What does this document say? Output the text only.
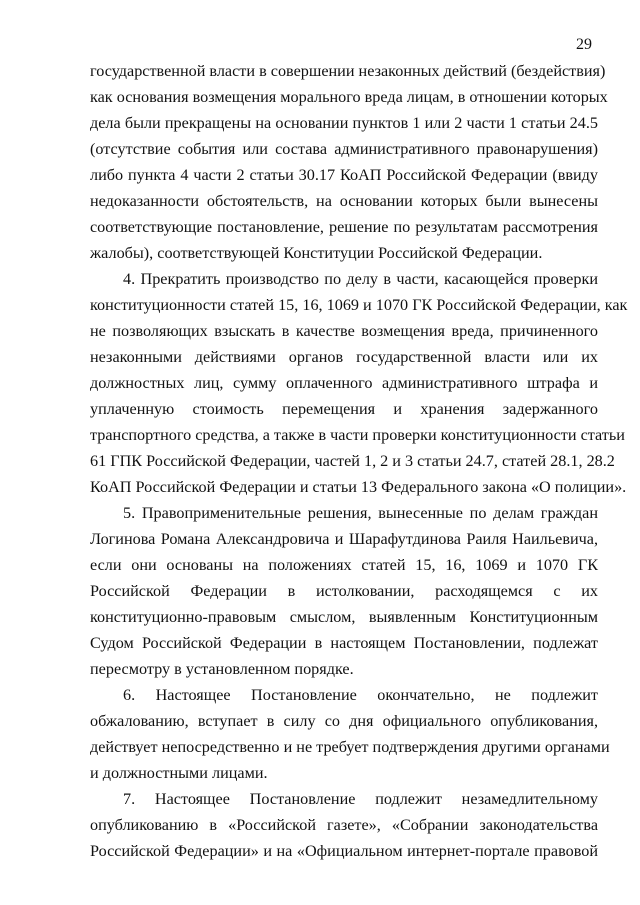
29
государственной власти в совершении незаконных действий (бездействия)
как основания возмещения морального вреда лицам, в отношении которых
дела были прекращены на основании пунктов 1 или 2 части 1 статьи 24.5
(отсутствие события или состава административного правонарушения)
либо пункта 4 части 2 статьи 30.17 КоАП Российской Федерации (ввиду
недоказанности обстоятельств, на основании которых были вынесены
соответствующие постановление, решение по результатам рассмотрения
жалобы), соответствующей Конституции Российской Федерации.
4. Прекратить производство по делу в части, касающейся проверки
конституционности статей 15, 16, 1069 и 1070 ГК Российской Федерации, как
не позволяющих взыскать в качестве возмещения вреда, причиненного
незаконными действиями органов государственной власти или их
должностных лиц, сумму оплаченного административного штрафа и
уплаченную стоимость перемещения и хранения задержанного
транспортного средства, а также в части проверки конституционности статьи
61 ГПК Российской Федерации, частей 1, 2 и 3 статьи 24.7, статей 28.1, 28.2
КоАП Российской Федерации и статьи 13 Федерального закона «О полиции».
5. Правоприменительные решения, вынесенные по делам граждан
Логинова Романа Александровича и Шарафутдинова Раиля Наильевича,
если они основаны на положениях статей 15, 16, 1069 и 1070 ГК
Российской Федерации в истолковании, расходящемся с их
конституционно-правовым смыслом, выявленным Конституционным
Судом Российской Федерации в настоящем Постановлении, подлежат
пересмотру в установленном порядке.
6. Настоящее Постановление окончательно, не подлежит
обжалованию, вступает в силу со дня официального опубликования,
действует непосредственно и не требует подтверждения другими органами
и должностными лицами.
7. Настоящее Постановление подлежит незамедлительному
опубликованию в «Российской газете», «Собрании законодательства
Российской Федерации» и на «Официальном интернет-портале правовой
